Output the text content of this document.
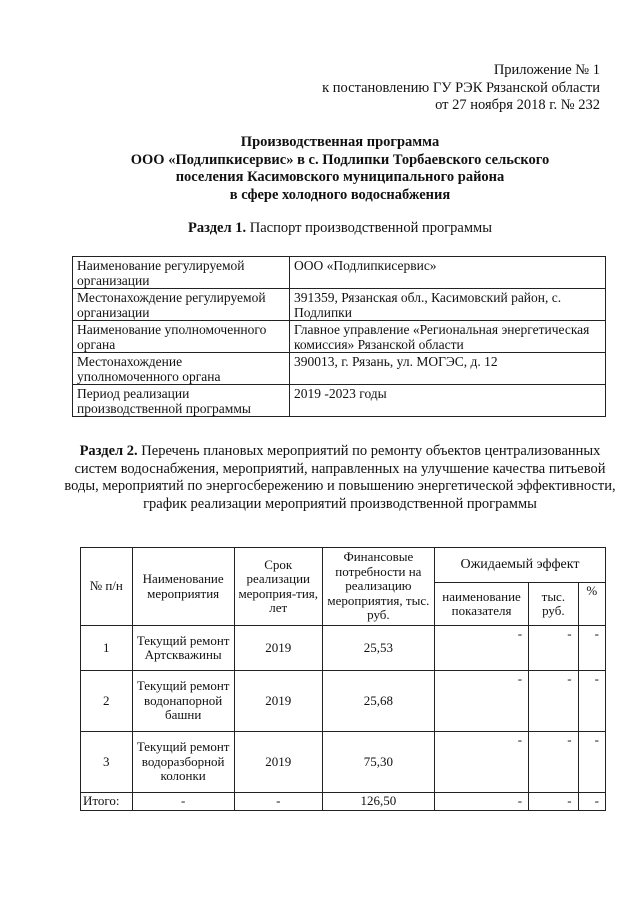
Приложение № 1
к постановлению ГУ РЭК Рязанской области
от 27 ноября 2018 г. № 232
Производственная программа
ООО «Подлипкисервис» в с. Подлипки Торбаевского сельского
поселения Касимовского муниципального района
в сфере холодного водоснабжения
Раздел 1. Паспорт производственной программы
Наименование регулируемой организации	ООО «Подлипкисервис»
Местонахождение регулируемой организации	391359, Рязанская обл., Касимовский район, с. Подлипки
Наименование уполномоченного органа	Главное управление «Региональная энергетическая комиссия» Рязанской области
Местонахождение уполномоченного органа	390013, г. Рязань, ул. МОГЭС, д. 12
Период реализации производственной программы	2019 -2023 годы
Раздел 2. Перечень плановых мероприятий по ремонту объектов централизованных систем водоснабжения, мероприятий, направленных на улучшение качества питьевой воды, мероприятий по энергосбережению и повышению энергетической эффективности, график реализации мероприятий производственной программы
№ п/н	Наименование мероприятия	Срок реализации мероприя-тия, лет	Финансовые потребности на реализацию мероприятия, тыс. руб.	Ожидаемый эффект		
				наименование показателя	тыс. руб.	%
1	Текущий ремонт Артскважины	2019	25,53	-	-	-
2	Текущий ремонт водонапорной башни	2019	25,68	-	-	-
3	Текущий ремонт водоразборной колонки	2019	75,30	-	-	-
Итого:	-	-	126,50	-	-	-
